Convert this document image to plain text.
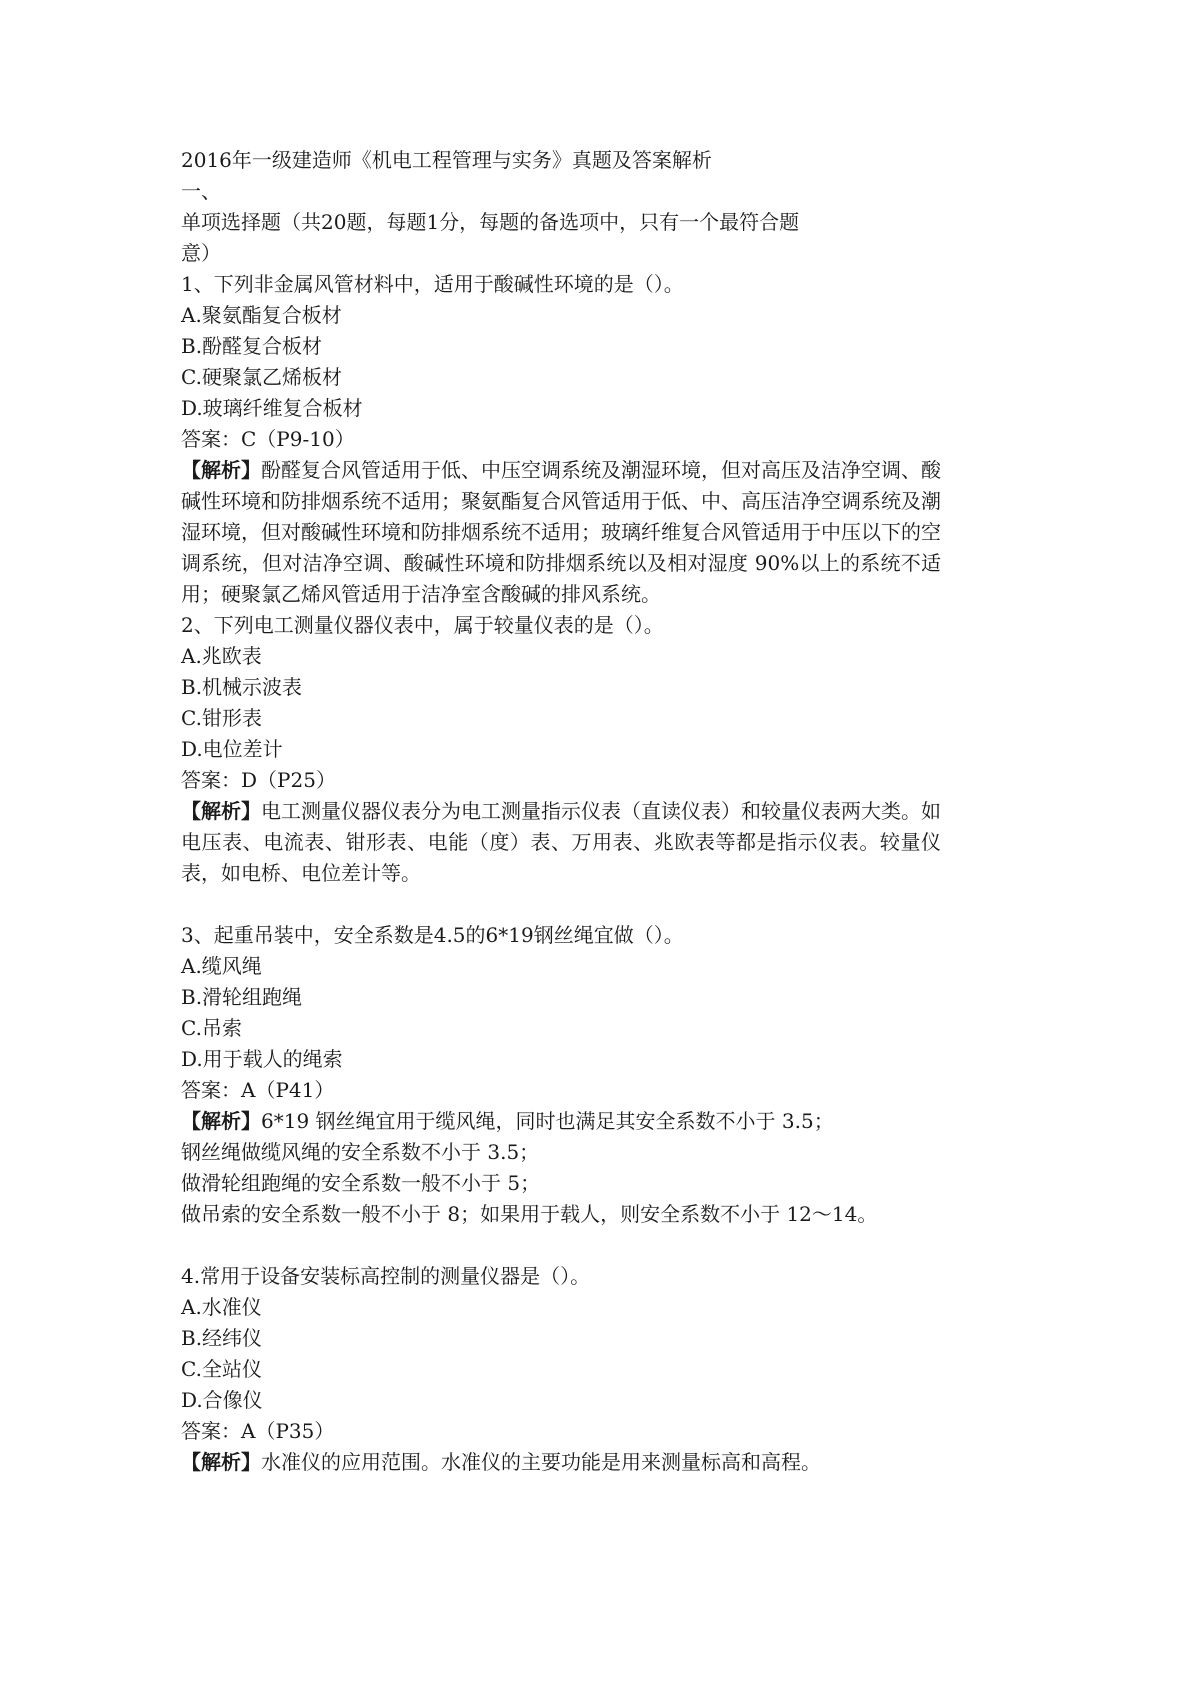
2016年一级建造师《机电工程管理与实务》真题及答案解析

一、

单项选择题（共20题，每题1分，每题的备选项中，只有一个最符合题

意）

1、下列非金属风管材料中，适用于酸碱性环境的是（）。

A.聚氨酯复合板材

B.酚醛复合板材

C.硬聚氯乙烯板材

D.玻璃纤维复合板材

答案：C（P9-10）

【解析】酚醛复合风管适用于低、中压空调系统及潮湿环境，但对高压及洁净空调、酸碱性环境和防排烟系统不适用；聚氨酯复合风管适用于低、中、高压洁净空调系统及潮湿环境，但对酸碱性环境和防排烟系统不适用；玻璃纤维复合风管适用于中压以下的空调系统，但对洁净空调、酸碱性环境和防排烟系统以及相对湿度 90%以上的系统不适用；硬聚氯乙烯风管适用于洁净室含酸碱的排风系统。

2、下列电工测量仪器仪表中，属于较量仪表的是（）。

A.兆欧表

B.机械示波表

C.钳形表

D.电位差计

答案：D（P25）

【解析】电工测量仪器仪表分为电工测量指示仪表（直读仪表）和较量仪表两大类。如电压表、电流表、钳形表、电能（度）表、万用表、兆欧表等都是指示仪表。较量仪表，如电桥、电位差计等。

3、起重吊装中，安全系数是4.5的6*19钢丝绳宜做（）。

A.缆风绳

B.滑轮组跑绳

C.吊索

D.用于载人的绳索

答案：A（P41）

【解析】6*19 钢丝绳宜用于缆风绳，同时也满足其安全系数不小于 3.5；

钢丝绳做缆风绳的安全系数不小于 3.5；

做滑轮组跑绳的安全系数一般不小于 5；

做吊索的安全系数一般不小于 8；如果用于载人，则安全系数不小于 12～14。

4.常用于设备安装标高控制的测量仪器是（）。

A.水准仪

B.经纬仪

C.全站仪

D.合像仪

答案：A（P35）

【解析】水准仪的应用范围。水准仪的主要功能是用来测量标高和高程。
